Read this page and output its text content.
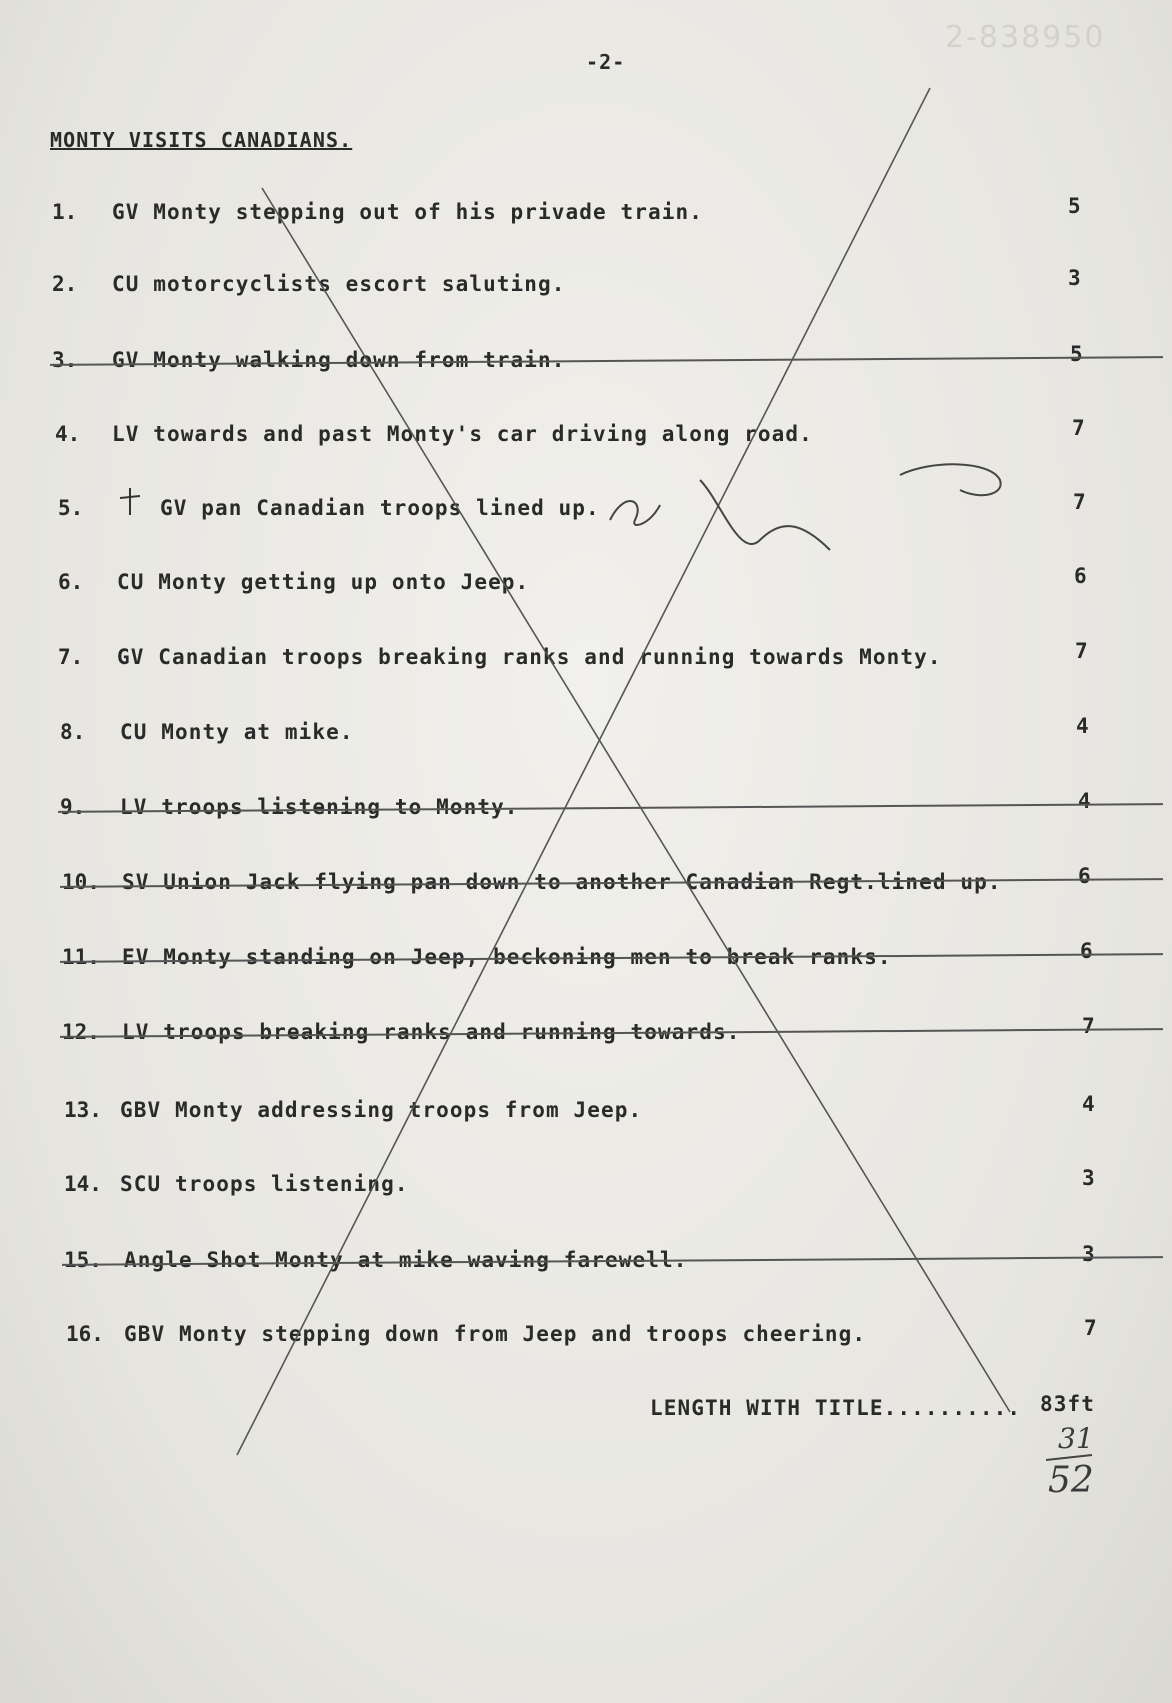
2-838950
-2-
MONTY VISITS CANADIANS.
1. GV Monty stepping out of his privade train.	5
2. CU motorcyclists escort saluting.	3
3. GV Monty walking down from train.	5
4. LV towards and past Monty's car driving along road.	7
5.	GV pan Canadian troops lined up.	7
6. CU Monty getting up onto Jeep.	6
7. GV Canadian troops breaking ranks and running towards Monty.	7
8. CU Monty at mike.	4
9. LV troops listening to Monty.	4
10. SV Union Jack flying pan down to another Canadian Regt.lined up.	6
11. EV Monty standing on Jeep, beckoning men to break ranks.	6
12. LV troops breaking ranks and running towards.	7
13. GBV Monty addressing troops from Jeep.	4
14. SCU troops listening.	3
15. Angle Shot Monty at mike waving farewell.	3
16. GBV Monty stepping down from Jeep and troops cheering.	7
LENGTH WITH TITLE.......... 83ft
31
52
